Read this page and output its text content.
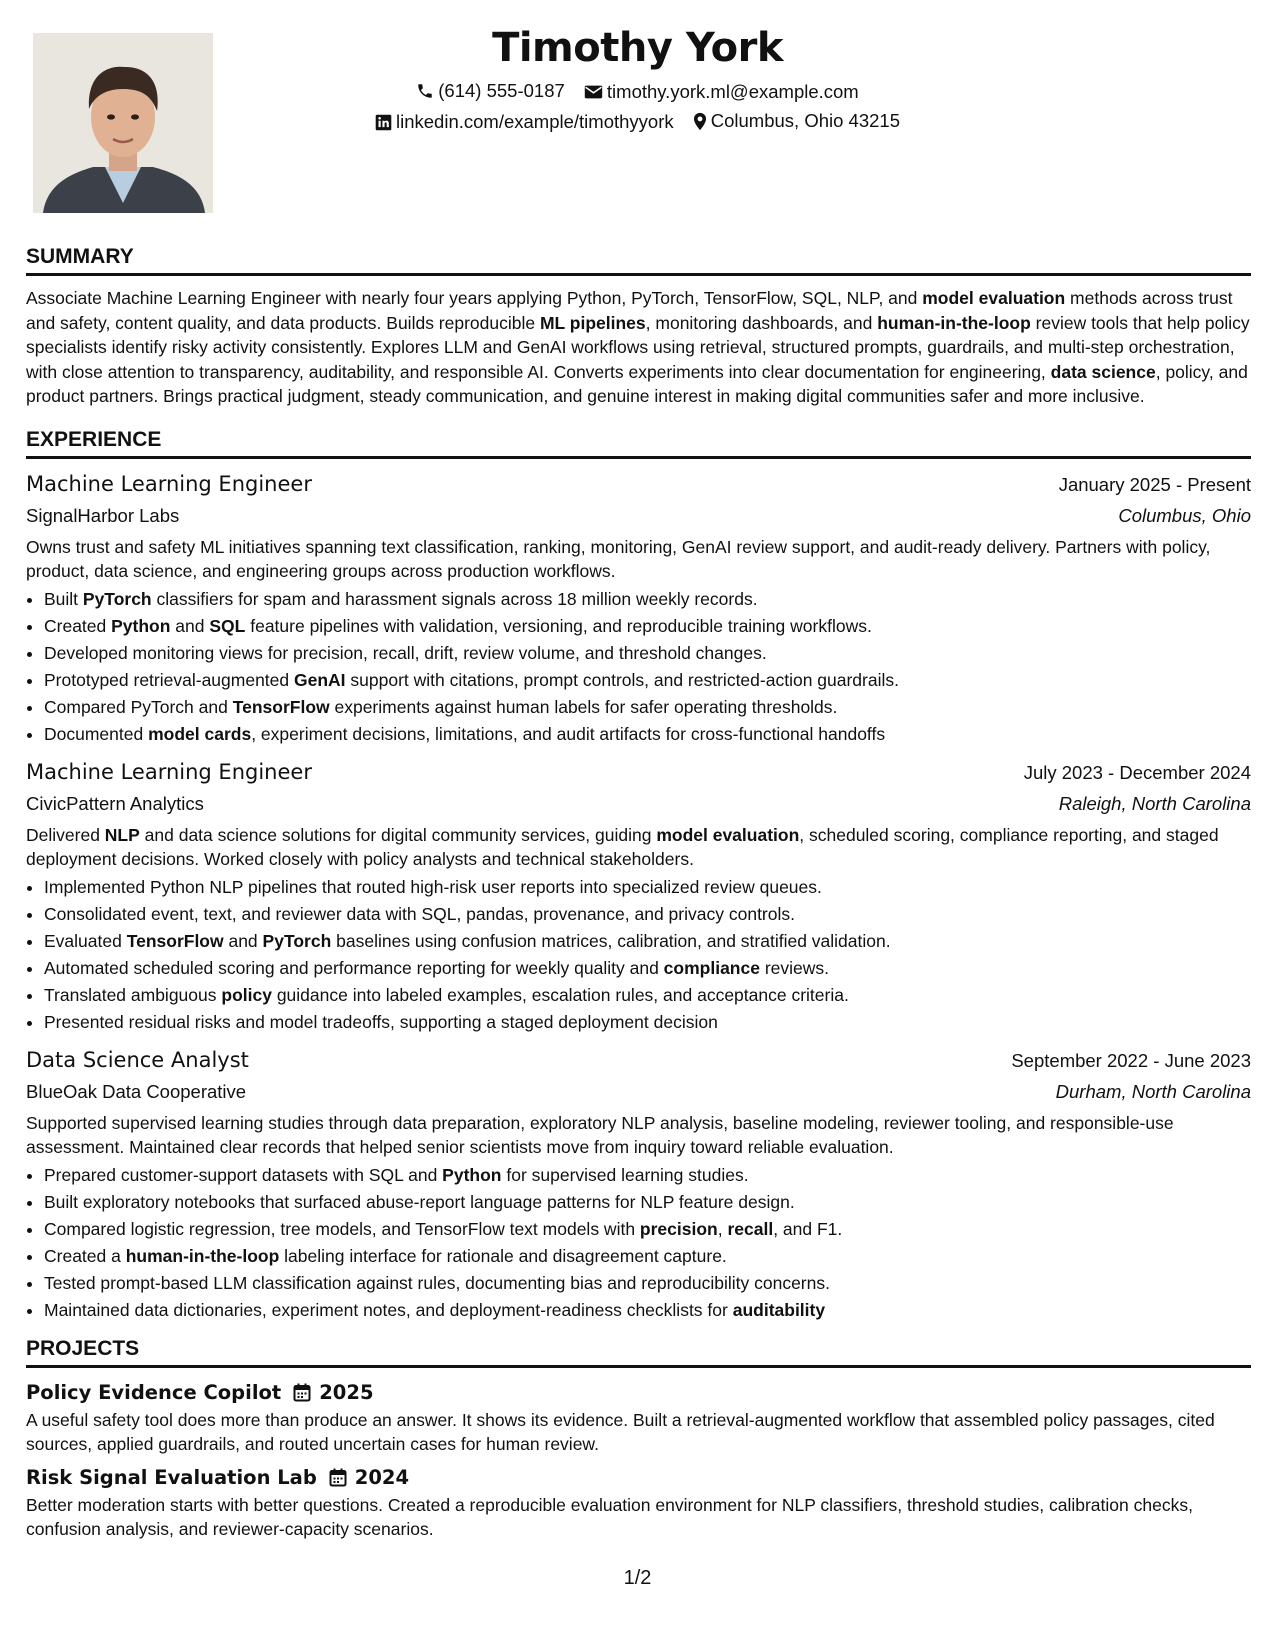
Timothy York
(614) 555-0187
timothy.york.ml@example.com
linkedin.com/example/timothyyork
Columbus, Ohio 43215
SUMMARY

Associate Machine Learning Engineer with nearly four years applying Python, PyTorch, TensorFlow, SQL, NLP, and model evaluation methods across trust and safety, content quality, and data products. Builds reproducible ML pipelines, monitoring dashboards, and human-in-the-loop review tools that help policy specialists identify risky activity consistently. Explores LLM and GenAI workflows using retrieval, structured prompts, guardrails, and multi-step orchestration, with close attention to transparency, auditability, and responsible AI. Converts experiments into clear documentation for engineering, data science, policy, and product partners. Brings practical judgment, steady communication, and genuine interest in making digital communities safer and more inclusive.

EXPERIENCE
Machine Learning Engineer	January 2025 - Present
SignalHarbor Labs	Columbus, Ohio

Owns trust and safety ML initiatives spanning text classification, ranking, monitoring, GenAI review support, and audit-ready delivery. Partners with policy, product, data science, and engineering groups across production workflows.

• Built PyTorch classifiers for spam and harassment signals across 18 million weekly records.
• Created Python and SQL feature pipelines with validation, versioning, and reproducible training workflows.
• Developed monitoring views for precision, recall, drift, review volume, and threshold changes.
• Prototyped retrieval-augmented GenAI support with citations, prompt controls, and restricted-action guardrails.
• Compared PyTorch and TensorFlow experiments against human labels for safer operating thresholds.
• Documented model cards, experiment decisions, limitations, and audit artifacts for cross-functional handoffs
Machine Learning Engineer	July 2023 - December 2024
CivicPattern Analytics	Raleigh, North Carolina

Delivered NLP and data science solutions for digital community services, guiding model evaluation, scheduled scoring, compliance reporting, and staged deployment decisions. Worked closely with policy analysts and technical stakeholders.

• Implemented Python NLP pipelines that routed high-risk user reports into specialized review queues.
• Consolidated event, text, and reviewer data with SQL, pandas, provenance, and privacy controls.
• Evaluated TensorFlow and PyTorch baselines using confusion matrices, calibration, and stratified validation.
• Automated scheduled scoring and performance reporting for weekly quality and compliance reviews.
• Translated ambiguous policy guidance into labeled examples, escalation rules, and acceptance criteria.
• Presented residual risks and model tradeoffs, supporting a staged deployment decision
Data Science Analyst	September 2022 - June 2023
BlueOak Data Cooperative	Durham, North Carolina

Supported supervised learning studies through data preparation, exploratory NLP analysis, baseline modeling, reviewer tooling, and responsible-use assessment. Maintained clear records that helped senior scientists move from inquiry toward reliable evaluation.

• Prepared customer-support datasets with SQL and Python for supervised learning studies.
• Built exploratory notebooks that surfaced abuse-report language patterns for NLP feature design.
• Compared logistic regression, tree models, and TensorFlow text models with precision, recall, and F1.
• Created a human-in-the-loop labeling interface for rationale and disagreement capture.
• Tested prompt-based LLM classification against rules, documenting bias and reproducibility concerns.
• Maintained data dictionaries, experiment notes, and deployment-readiness checklists for auditability
PROJECTS
Policy Evidence Copilot 2025

A useful safety tool does more than produce an answer. It shows its evidence. Built a retrieval-augmented workflow that assembled policy passages, cited sources, applied guardrails, and routed uncertain cases for human review.

Risk Signal Evaluation Lab 2024

Better moderation starts with better questions. Created a reproducible evaluation environment for NLP classifiers, threshold studies, calibration checks, confusion analysis, and reviewer-capacity scenarios.

1/2
